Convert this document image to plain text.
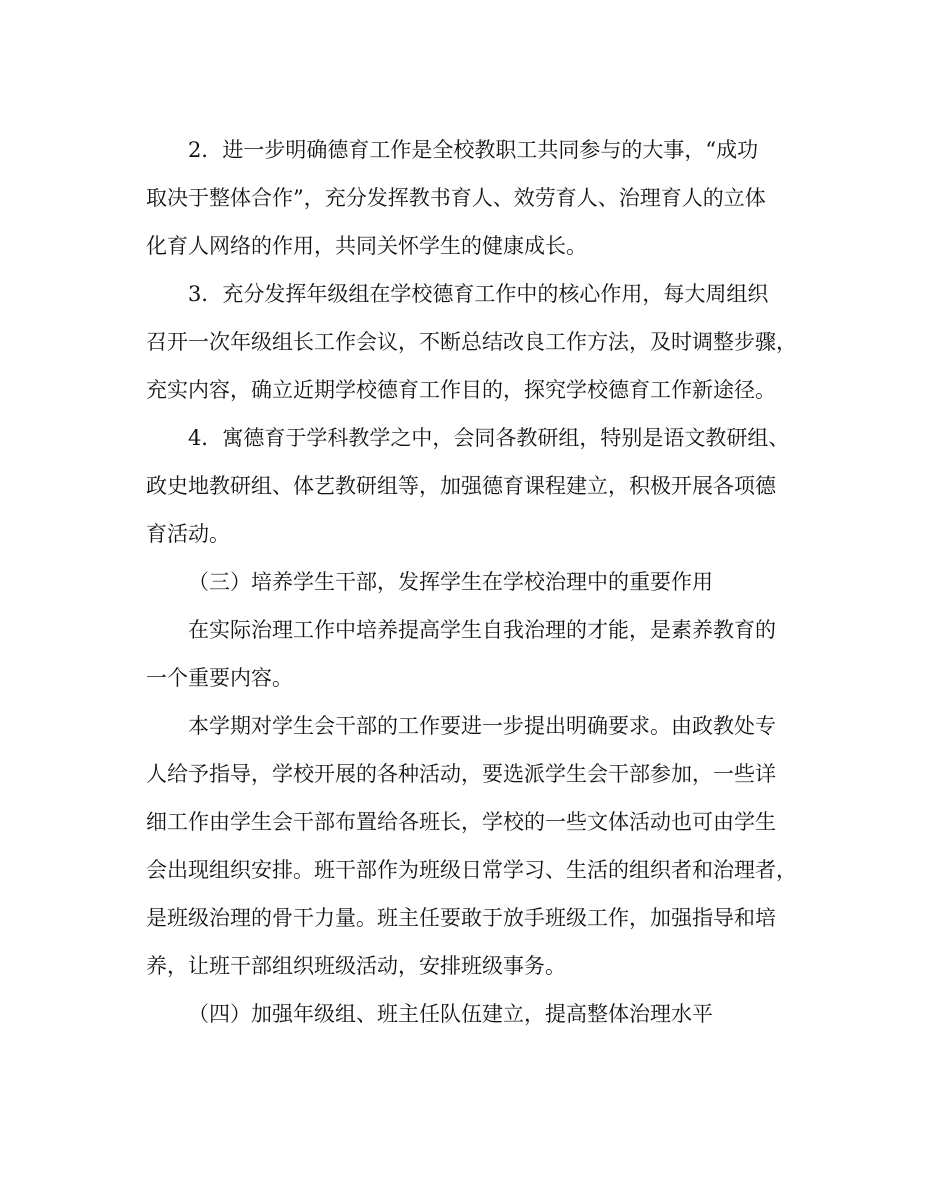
2．进一步明确德育工作是全校教职工共同参与的大事，“成功
取决于整体合作”，充分发挥教书育人、效劳育人、治理育人的立体
化育人网络的作用，共同关怀学生的健康成长。
3．充分发挥年级组在学校德育工作中的核心作用，每大周组织
召开一次年级组长工作会议，不断总结改良工作方法，及时调整步骤，
充实内容，确立近期学校德育工作目的，探究学校德育工作新途径。
4．寓德育于学科教学之中，会同各教研组，特别是语文教研组、
政史地教研组、体艺教研组等，加强德育课程建立，积极开展各项德
育活动。
（三）培养学生干部，发挥学生在学校治理中的重要作用
在实际治理工作中培养提高学生自我治理的才能，是素养教育的
一个重要内容。
本学期对学生会干部的工作要进一步提出明确要求。由政教处专
人给予指导，学校开展的各种活动，要选派学生会干部参加，一些详
细工作由学生会干部布置给各班长，学校的一些文体活动也可由学生
会出现组织安排。班干部作为班级日常学习、生活的组织者和治理者，
是班级治理的骨干力量。班主任要敢于放手班级工作，加强指导和培
养，让班干部组织班级活动，安排班级事务。
（四）加强年级组、班主任队伍建立，提高整体治理水平
